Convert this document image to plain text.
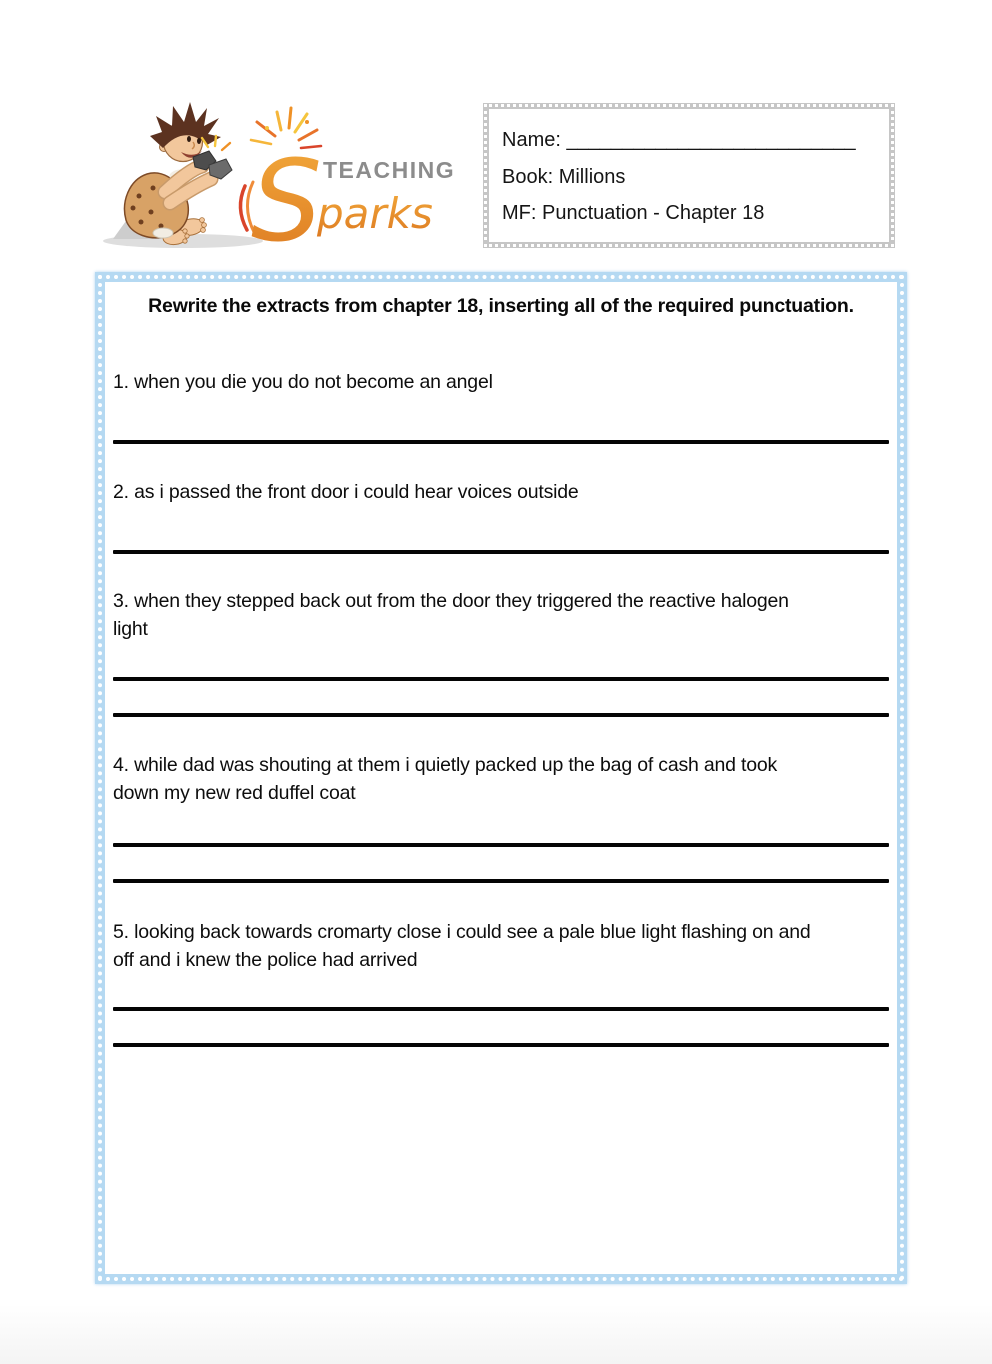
S TEACHING
parks
Name: __________________________
Book: Millions
MF: Punctuation - Chapter 18
Rewrite the extracts from chapter 18, inserting all of the required punctuation.
1. when you die you do not become an angel
2. as i passed the front door i could hear voices outside
3. when they stepped back out from the door they triggered the reactive halogen light
4. while dad was shouting at them i quietly packed up the bag of cash and took down my new red duffel coat
5. looking back towards cromarty close i could see a pale blue light flashing on and off and i knew the police had arrived
